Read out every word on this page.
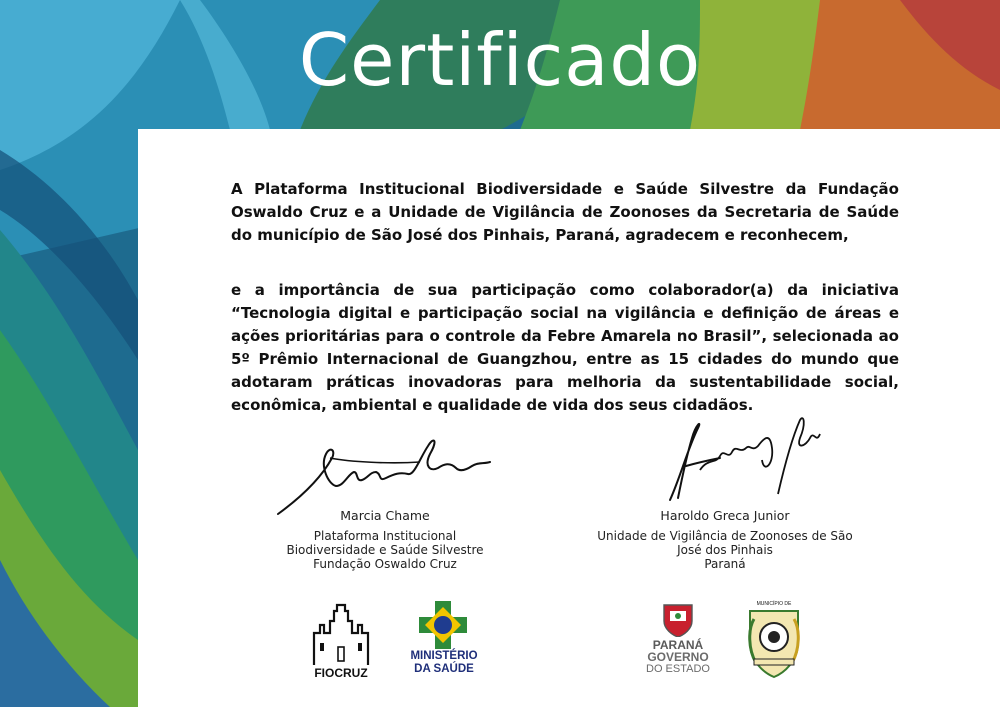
Certificado
A Plataforma Institucional Biodiversidade e Saúde Silvestre da Fundação Oswaldo Cruz e a Unidade de Vigilância de Zoonoses da Secretaria de Saúde do município de São José dos Pinhais, Paraná, agradecem e reconhecem,
e a importância de sua participação como colaborador(a) da iniciativa “Tecnologia digital e participação social na vigilância e definição de áreas e ações prioritárias para o controle da Febre Amarela no Brasil”, selecionada ao 5º Prêmio Internacional de Guangzhou, entre as 15 cidades do mundo que adotaram práticas inovadoras para melhoria da sustentabilidade social, econômica, ambiental e qualidade de vida dos seus cidadãos.
Marcia Chame
Plataforma Institucional
Biodiversidade e Saúde Silvestre
Fundação Oswaldo Cruz
Haroldo Greca Junior
Unidade de Vigilância de Zoonoses de São
José dos Pinhais
Paraná
FIOCRUZ
MINISTÉRIO
DA SAÚDE
PARANÁ
GOVERNO
DO ESTADO
MUNICÍPIO DE
